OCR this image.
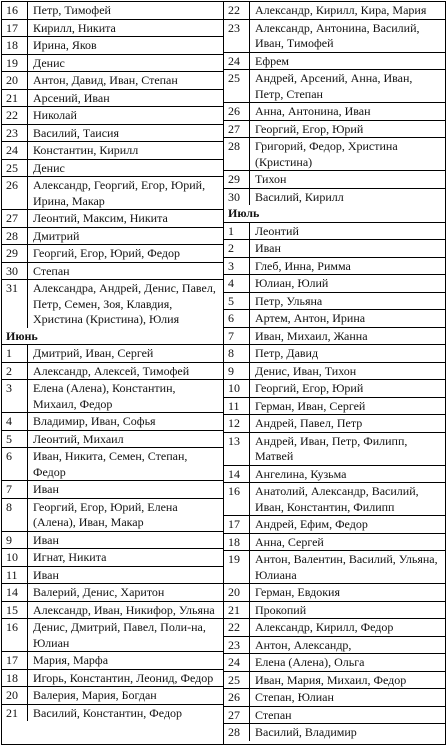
16	Петр, Тимофей
17	Кирилл, Никита
18	Ирина, Яков
19	Денис
20	Антон, Давид, Иван, Степан
21	Арсений, Иван
22	Николай
23	Василий, Таисия
24	Константин, Кирилл
25	Денис
26	Александр, Георгий, Егор, Юрий, Ирина, Макар
27	Леонтий, Максим, Никита
28	Дмитрий
29	Георгий, Егор, Юрий, Федор
30	Степан
31	Александра, Андрей, Денис, Павел, Петр, Семен, Зоя, Клавдия, Христина (Кристина), Юлия
Июнь
1	Дмитрий, Иван, Сергей
2	Александр, Алексей, Тимофей
3	Елена (Алена), Константин, Михаил, Федор
4	Владимир, Иван, Софья
5	Леонтий, Михаил
6	Иван, Никита, Семен, Степан, Федор
7	Иван
8	Георгий, Егор, Юрий, Елена (Алена), Иван, Макар
9	Иван
10	Игнат, Никита
11	Иван
14	Валерий, Денис, Харитон
15	Александр, Иван, Никифор, Ульяна
16	Денис, Дмитрий, Павел, Поли-на, Юлиан
17	Мария, Марфа
18	Игорь, Константин, Леонид, Федор
20	Валерия, Мария, Богдан
21	Василий, Константин, Федор
22	Александр, Кирилл, Кира, Мария
23	Александр, Антонина, Василий, Иван, Тимофей
24	Ефрем
25	Андрей, Арсений, Анна, Иван, Петр, Степан
26	Анна, Антонина, Иван
27	Георгий, Егор, Юрий
28	Григорий, Федор, Христина (Кристина)
29	Тихон
30	Василий, Кирилл
Июль
1	Леонтий
2	Иван
3	Глеб, Инна, Римма
4	Юлиан, Юлий
5	Петр, Ульяна
6	Артем, Антон, Ирина
7	Иван, Михаил, Жанна
8	Петр, Давид
9	Денис, Иван, Тихон
10	Георгий, Егор, Юрий
11	Герман, Иван, Сергей
12	Андрей, Павел, Петр
13	Андрей, Иван, Петр, Филипп, Матвей
14	Ангелина, Кузьма
16	Анатолий, Александр, Василий, Иван, Константин, Филипп
17	Андрей, Ефим, Федор
18	Анна, Сергей
19	Антон, Валентин, Василий, Ульяна, Юлиана
20	Герман, Евдокия
21	Прокопий
22	Александр, Кирилл, Федор
23	Антон, Александр,
24	Елена (Алена), Ольга
25	Иван, Мария, Михаил, Федор
26	Степан, Юлиан
27	Степан
28	Василий, Владимир
